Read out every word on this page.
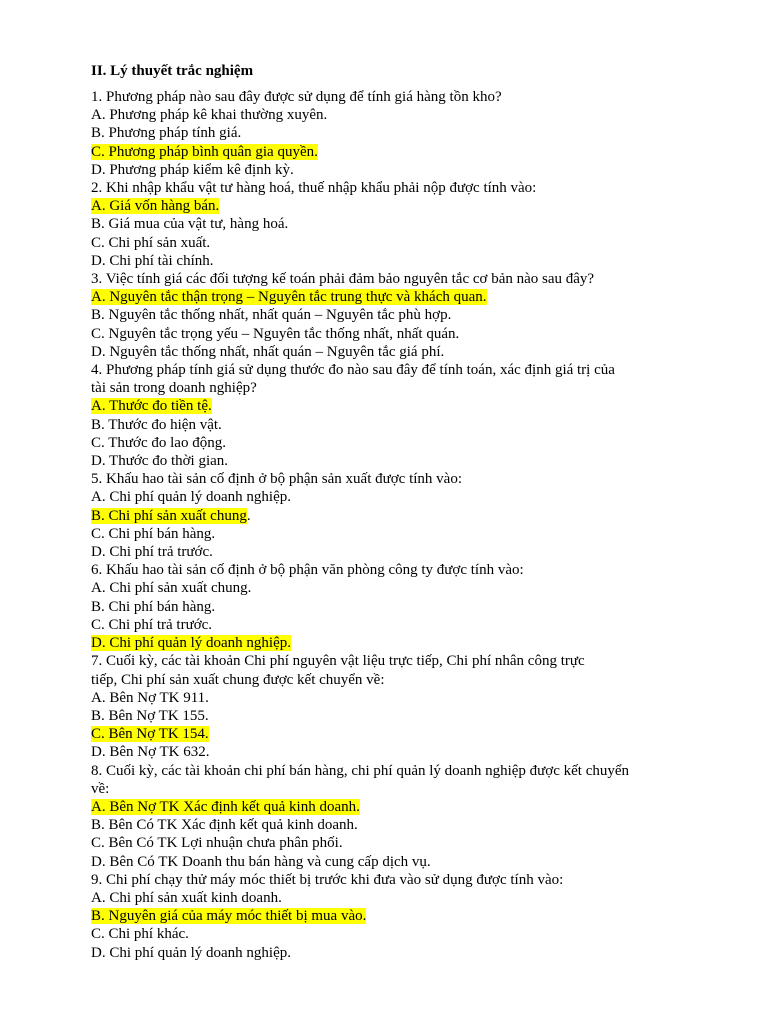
II. Lý thuyết trắc nghiệm
1. Phương pháp nào sau đây được sử dụng để tính giá hàng tồn kho?
A. Phương pháp kê khai thường xuyên.
B. Phương pháp tính giá.
C. Phương pháp bình quân gia quyền.
D. Phương pháp kiểm kê định kỳ.
2. Khi nhập khẩu vật tư hàng hoá, thuế nhập khẩu phải nộp được tính vào:
A. Giá vốn hàng bán.
B. Giá mua của vật tư, hàng hoá.
C. Chi phí sản xuất.
D. Chi phí tài chính.
3. Việc tính giá các đối tượng kế toán phải đảm bảo nguyên tắc cơ bản nào sau đây?
A. Nguyên tắc thận trọng – Nguyên tắc trung thực và khách quan.
B. Nguyên tắc thống nhất, nhất quán – Nguyên tắc phù hợp.
C. Nguyên tắc trọng yếu – Nguyên tắc thống nhất, nhất quán.
D. Nguyên tắc thống nhất, nhất quán – Nguyên tắc giá phí.
4. Phương pháp tính giá sử dụng thước đo nào sau đây để tính toán, xác định giá trị của
tài sản trong doanh nghiệp?
A. Thước đo tiền tệ.
B. Thước đo hiện vật.
C. Thước đo lao động.
D. Thước đo thời gian.
5. Khấu hao tài sản cố định ở bộ phận sản xuất được tính vào:
A. Chi phí quản lý doanh nghiệp.
B. Chi phí sản xuất chung.
C. Chi phí bán hàng.
D. Chi phí trả trước.
6. Khấu hao tài sản cố định ở bộ phận văn phòng công ty được tính vào:
A. Chi phí sản xuất chung.
B. Chi phí bán hàng.
C. Chi phí trả trước.
D. Chi phí quản lý doanh nghiệp.
7. Cuối kỳ, các tài khoản Chi phí nguyên vật liệu trực tiếp, Chi phí nhân công trực
tiếp, Chi phí sản xuất chung được kết chuyển về:
A. Bên Nợ TK 911.
B. Bên Nợ TK 155.
C. Bên Nợ TK 154.
D. Bên Nợ TK 632.
8. Cuối kỳ, các tài khoản chi phí bán hàng, chi phí quản lý doanh nghiệp được kết chuyển
về:
A. Bên Nợ TK Xác định kết quả kinh doanh.
B. Bên Có TK Xác định kết quả kinh doanh.
C. Bên Có TK Lợi nhuận chưa phân phối.
D. Bên Có TK Doanh thu bán hàng và cung cấp dịch vụ.
9. Chi phí chạy thử máy móc thiết bị trước khi đưa vào sử dụng được tính vào:
A. Chi phí sản xuất kinh doanh.
B. Nguyên giá của máy móc thiết bị mua vào.
C. Chi phí khác.
D. Chi phí quản lý doanh nghiệp.
